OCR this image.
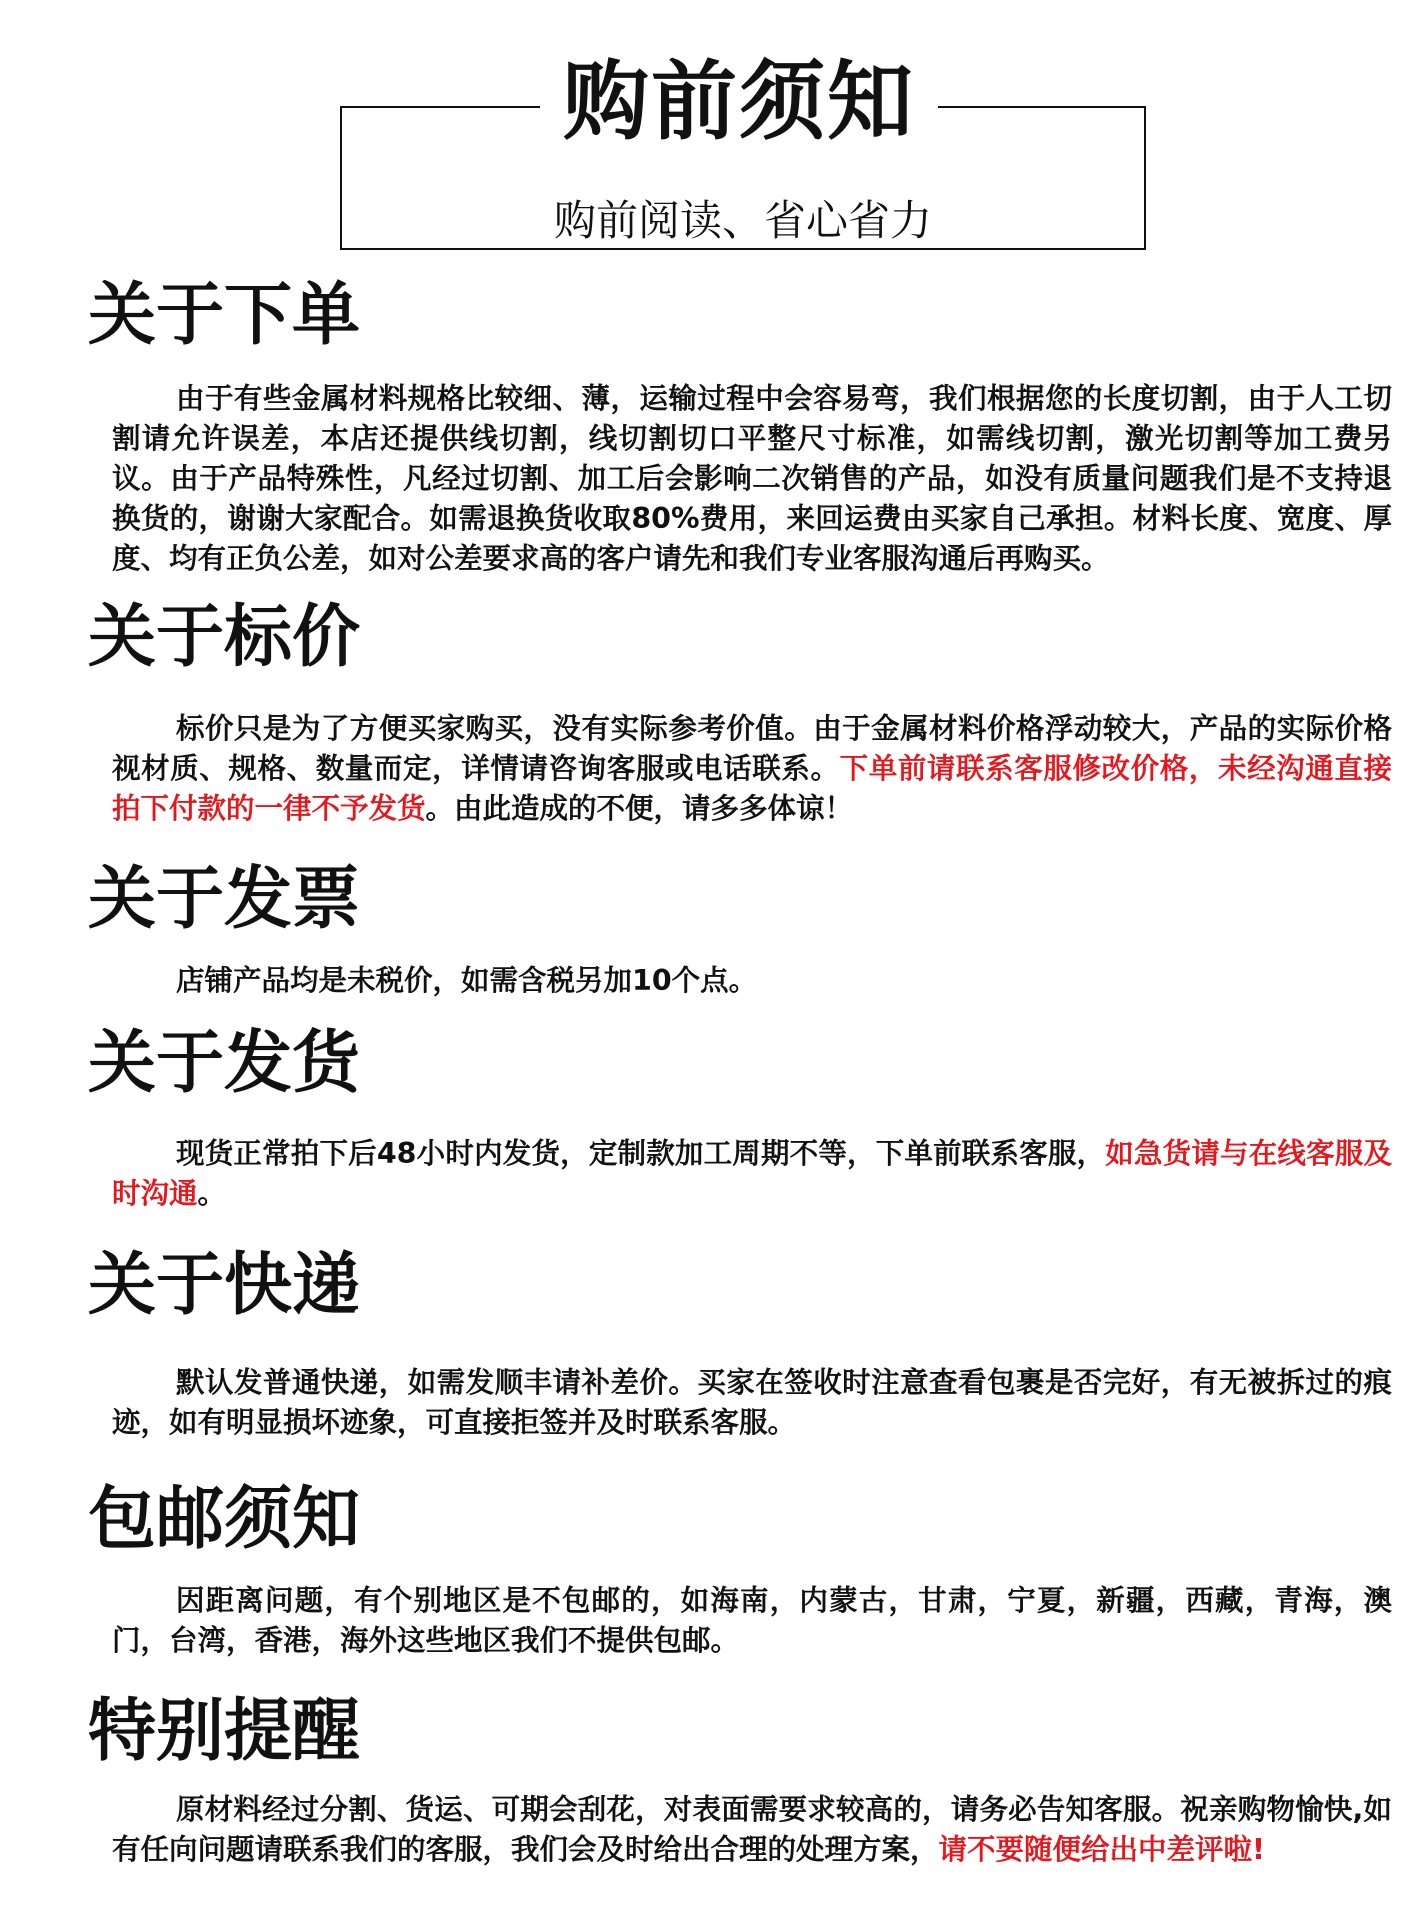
购前须知
购前阅读、省心省力
关于下单
由于有些金属材料规格比较细、薄，运输过程中会容易弯，我们根据您的长度切割，由于人工切割请允许误差，本店还提供线切割，线切割切口平整尺寸标准，如需线切割，激光切割等加工费另议。由于产品特殊性，凡经过切割、加工后会影响二次销售的产品，如没有质量问题我们是不支持退换货的，谢谢大家配合。如需退换货收取80%费用，来回运费由买家自己承担。材料长度、宽度、厚度、均有正负公差，如对公差要求高的客户请先和我们专业客服沟通后再购买。
关于标价
标价只是为了方便买家购买，没有实际参考价值。由于金属材料价格浮动较大，产品的实际价格视材质、规格、数量而定，详情请咨询客服或电话联系。下单前请联系客服修改价格，未经沟通直接拍下付款的一律不予发货。由此造成的不便，请多多体谅！
关于发票
店铺产品均是未税价，如需含税另加10个点。
关于发货
现货正常拍下后48小时内发货，定制款加工周期不等，下单前联系客服，如急货请与在线客服及时沟通。
关于快递
默认发普通快递，如需发顺丰请补差价。买家在签收时注意查看包裹是否完好，有无被拆过的痕迹，如有明显损坏迹象，可直接拒签并及时联系客服。
包邮须知
因距离问题，有个别地区是不包邮的，如海南，内蒙古，甘肃，宁夏，新疆，西藏，青海，澳门，台湾，香港，海外这些地区我们不提供包邮。
特别提醒
原材料经过分割、货运、可期会刮花，对表面需要求较高的，请务必告知客服。祝亲购物愉快,如有任向问题请联系我们的客服，我们会及时给出合理的处理方案，请不要随便给出中差评啦!
